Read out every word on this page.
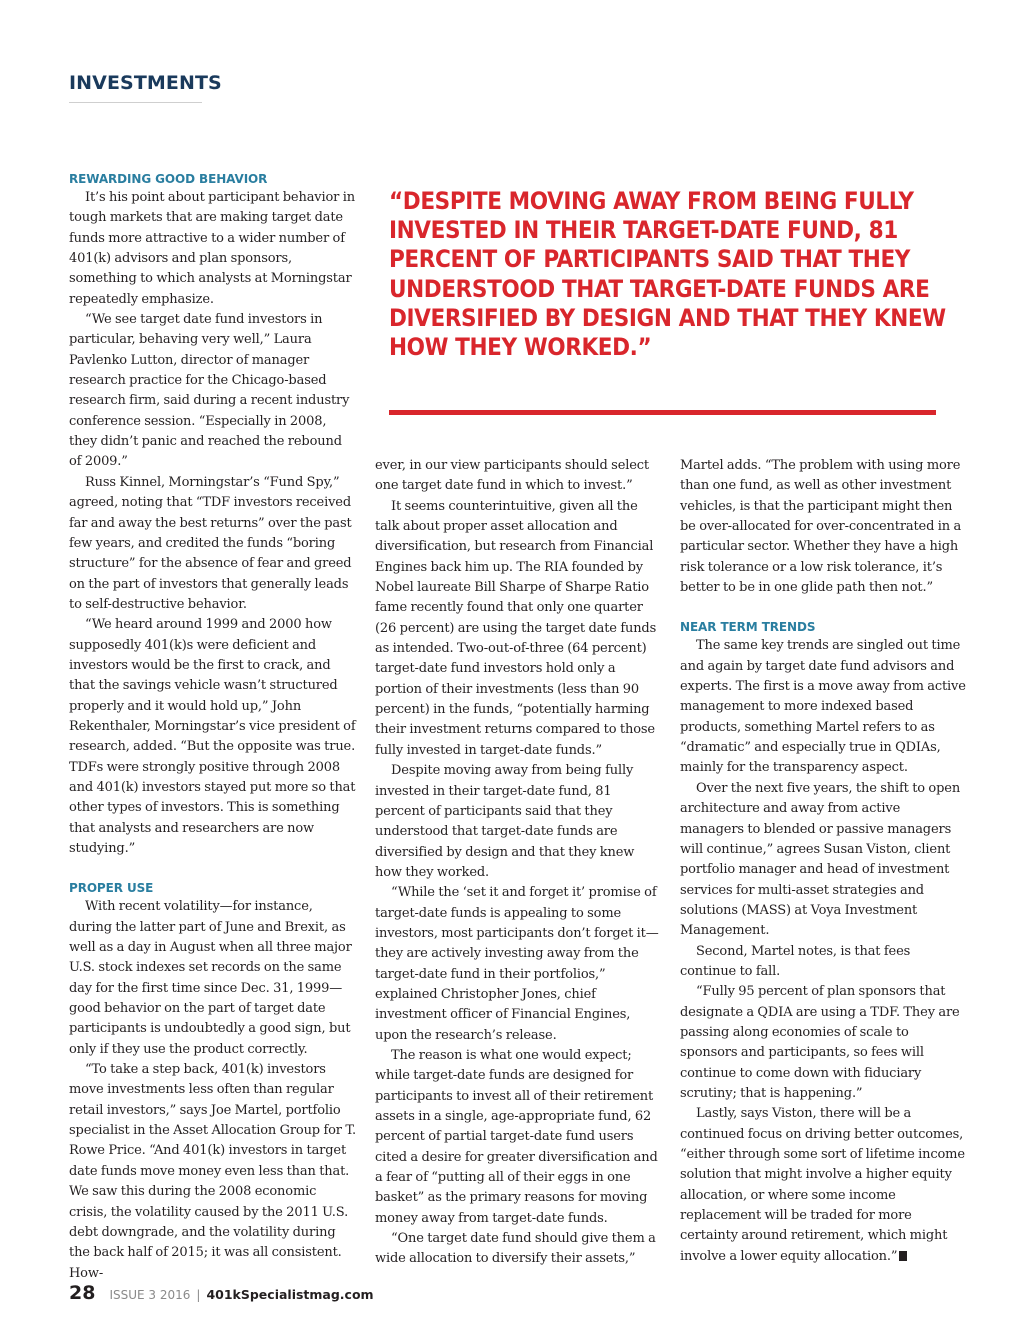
INVESTMENTS

“DESPITE MOVING AWAY FROM BEING FULLY INVESTED IN THEIR TARGET-DATE FUND, 81 PERCENT OF PARTICIPANTS SAID THAT THEY UNDERSTOOD THAT TARGET-DATE FUNDS ARE DIVERSIFIED BY DESIGN AND THAT THEY KNEW HOW THEY WORKED.”

REWARDING GOOD BEHAVIOR

It’s his point about participant behavior in tough markets that are making target date funds more attractive to a wider number of 401(k) advisors and plan sponsors, something to which analysts at Morningstar repeatedly emphasize.

“We see target date fund investors in particular, behaving very well,” Laura Pavlenko Lutton, director of manager research practice for the Chicago-based research firm, said during a recent industry conference session. “Especially in 2008, they didn’t panic and reached the rebound of 2009.”

Russ Kinnel, Morningstar’s “Fund Spy,” agreed, noting that “TDF investors received far and away the best returns” over the past few years, and credited the funds “boring structure” for the absence of fear and greed on the part of investors that generally leads to self-destructive behavior.

“We heard around 1999 and 2000 how supposedly 401(k)s were deficient and investors would be the first to crack, and that the savings vehicle wasn’t structured properly and it would hold up,” John Rekenthaler, Morningstar’s vice president of research, added. “But the opposite was true. TDFs were strongly positive through 2008 and 401(k) investors stayed put more so that other types of investors. This is something that analysts and researchers are now studying.”

PROPER USE

With recent volatility—for instance, during the latter part of June and Brexit, as well as a day in August when all three major U.S. stock indexes set records on the same day for the first time since Dec. 31, 1999—good behavior on the part of target date participants is undoubtedly a good sign, but only if they use the product correctly.

“To take a step back, 401(k) investors move investments less often than regular retail investors,” says Joe Martel, portfolio specialist in the Asset Allocation Group for T. Rowe Price. “And 401(k) investors in target date funds move money even less than that. We saw this during the 2008 economic crisis, the volatility caused by the 2011 U.S. debt downgrade, and the volatility during the back half of 2015; it was all consistent. How-

ever, in our view participants should select one target date fund in which to invest.”

It seems counterintuitive, given all the talk about proper asset allocation and diversification, but research from Financial Engines back him up. The RIA founded by Nobel laureate Bill Sharpe of Sharpe Ratio fame recently found that only one quarter (26 percent) are using the target date funds as intended. Two-out-of-three (64 percent) target-date fund investors hold only a portion of their investments (less than 90 percent) in the funds, “potentially harming their investment returns compared to those fully invested in target-date funds.”

Despite moving away from being fully invested in their target-date fund, 81 percent of participants said that they understood that target-date funds are diversified by design and that they knew how they worked.

“While the ‘set it and forget it’ promise of target-date funds is appealing to some investors, most participants don’t forget it—they are actively investing away from the target-date fund in their portfolios,” explained Christopher Jones, chief investment officer of Financial Engines, upon the research’s release.

The reason is what one would expect; while target-date funds are designed for participants to invest all of their retirement assets in a single, age-appropriate fund, 62 percent of partial target-date fund users cited a desire for greater diversification and a fear of “putting all of their eggs in one basket” as the primary reasons for moving money away from target-date funds.

“One target date fund should give them a wide allocation to diversify their assets,”

Martel adds. “The problem with using more than one fund, as well as other investment vehicles, is that the participant might then be over-allocated for over-concentrated in a particular sector. Whether they have a high risk tolerance or a low risk tolerance, it’s better to be in one glide path then not.”

NEAR TERM TRENDS

The same key trends are singled out time and again by target date fund advisors and experts. The first is a move away from active management to more indexed based products, something Martel refers to as “dramatic” and especially true in QDIAs, mainly for the transparency aspect.

Over the next five years, the shift to open architecture and away from active managers to blended or passive managers will continue,” agrees Susan Viston, client portfolio manager and head of investment services for multi-asset strategies and solutions (MASS) at Voya Investment Management.

Second, Martel notes, is that fees continue to fall.

“Fully 95 percent of plan sponsors that designate a QDIA are using a TDF. They are passing along economies of scale to sponsors and participants, so fees will continue to come down with fiduciary scrutiny; that is happening.”

Lastly, says Viston, there will be a continued focus on driving better outcomes, “either through some sort of lifetime income solution that might involve a higher equity allocation, or where some income replacement will be traded for more certainty around retirement, which might involve a lower equity allocation.” K

28 ISSUE 3 2016 | 401kSpecialistmag.com
